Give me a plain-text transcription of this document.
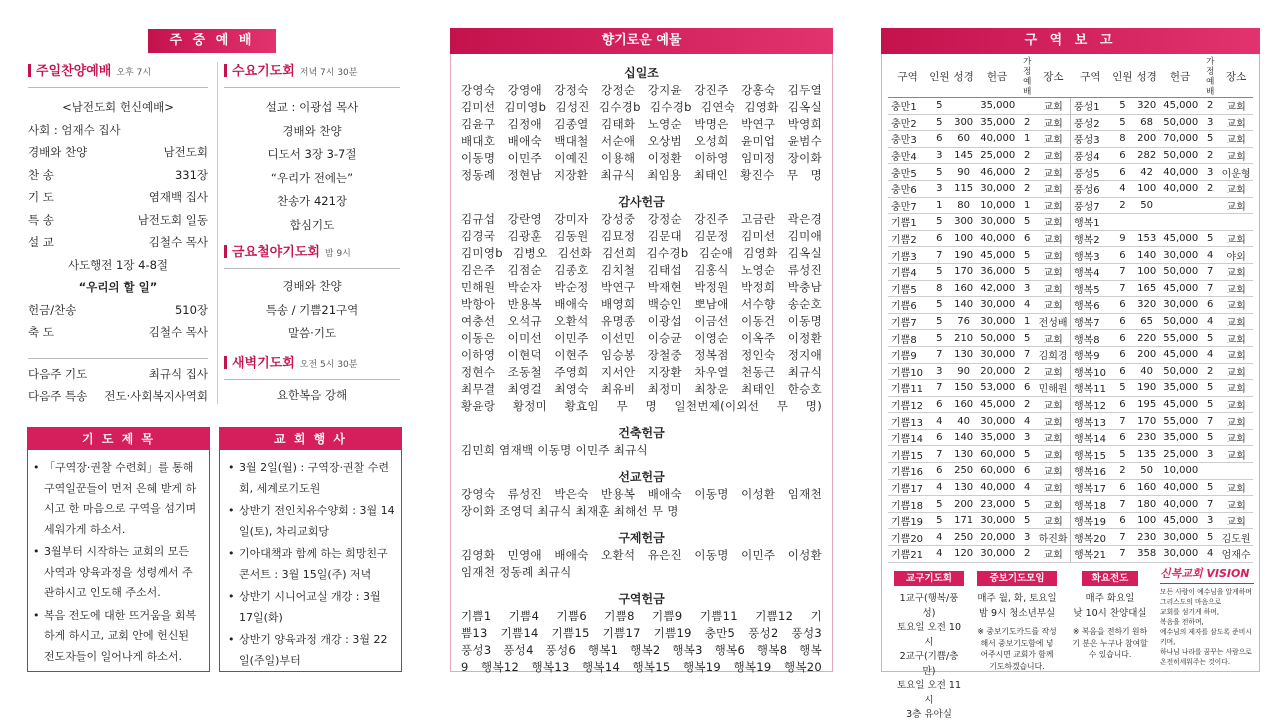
주 중 예 배
주일찬양예배 오후 7시
<남전도회 헌신예배>
사회 : 엄재수 집사
경배와 찬양	남전도회
찬 송	331장
기 도	염재백 집사
특 송	남전도회 일동
설 교	김철수 목사
사도행전 1장 4-8절
“우리의 할 일”
헌금/찬송	510장
축 도	김철수 목사
다음주 기도	최규식 집사
다음주 특송 전도·사회복지사역회
수요기도회 저녁 7시 30분
설교 : 이광섭 목사
경배와 찬양
디도서 3장 3-7절
“우리가 전에는”
찬송가 421장
합심기도
금요철야기도회 밤 9시
경배와 찬양
특송 / 기쁨21구역
말씀·기도
새벽기도회 오전 5시 30분
요한복음 강해
기 도 제 목
• 「구역장·권찰 수련회」를 통해 구역일꾼들이 먼저 은혜 받게 하시고 한 마음으로 구역을 섬기며 세워가게 하소서.
• 3월부터 시작하는 교회의 모든 사역과 양육과정을 성령께서 주관하시고 인도해 주소서.
• 복음 전도에 대한 뜨거움을 회복하게 하시고, 교회 안에 헌신된 전도자들이 일어나게 하소서.
교 회 행 사
• 3월 2일(월) : 구역장·권찰 수련회, 세계로기도원
• 상반기 전인치유수양회 : 3월 14일(토), 차리교회당
• 기아대책과 함께 하는 희망친구 콘서트 : 3월 15일(주) 저녁
• 상반기 시니어교실 개강 : 3월 17일(화)
• 상반기 양육과정 개강 : 3월 22일(주일)부터
향기로운 예물
십일조
강영숙 강영애 강정숙 강정순 강지윤 강진주 강홍숙 김두열
김미선 김미영b 김성진 김수경b 김수경b 김연숙 김영화 김옥실
김윤구 김정애 김종열 김태화 노영순 박명은 박연구 박영희
배대호 배애숙 백대철 서순애 오상범 오성희 윤미업 윤범수
이동명 이민주 이예진 이용해 이정환 이하영 임미정 장이화
정동례 정현남 지장환 최규식 최임용 최태인 황진수 무 명
감사헌금
김규섭 강란영 강미자 강성중 강정순 강진주 고금란 곽은경
김경국 김광훈 김동원 김묘정 김문대 김문정 김미선 김미애
김미영b 김병오 김선화 김선희 김수경b 김순애 김영화 김옥실
김은주 김점순 김종호 김치철 김태섭 김홍식 노영순 류성진
민해원 박순자 박순정 박연구 박재현 박정원 박정희 박충남
박항아 반용복 배애숙 배영희 백승인 뽀남애 서수향 송순호
여충선 오석규 오환석 유명종 이광섭 이금선 이동건 이동명
이동은 이미선 이민주 이선민 이승균 이영순 이옥주 이정환
이하영 이현덕 이현주 임승봉 장철중 정복점 정인숙 정지애
정현수 조동철 주영희 지서안 지장환 차우열 천동근 최규식
최무결 최영걸 최영숙 최유비 최정미 최창운 최태인 한승호
황윤랑 황정미 황효임 무 명 일천번제(이외선 무 명)
건축헌금
김민희 염재백 이동명 이민주 최규식
선교헌금
강영숙 류성진 박은숙 반용복 배애숙 이동명 이성환 임재천
장이화 조영덕 최규식 최재훈 최해선 무 명
구제헌금
김영화 민영애 배애숙 오환석 유은진 이동명 이민주 이성환
임재천 정동례 최규식
구역헌금
기쁨1 기쁨4 기쁨6 기쁨8 기쁨9 기쁨11 기쁨12 기
쁨13 기쁨14 기쁨15 기쁨17 기쁨19 충만5 풍성2 풍성3
풍성3 풍성4 풍성6 행복1 행복2 행복3 행복6 행복8 행복
9 행복12 행복13 행복14 행복15 행복19 행복19 행복20
구 역 보 고
구역	인원	성경	헌금	가정예배	장소	구역	인원	성경	헌금	가정예배	장소
충만1	5		35,000		교회	풍성1	5	320	45,000	2	교회
충만2	5	300	35,000	2	교회	풍성2	5	68	50,000	3	교회
충만3	6	60	40,000	1	교회	풍성3	8	200	70,000	5	교회
충만4	3	145	25,000	2	교회	풍성4	6	282	50,000	2	교회
충만5	5	90	46,000	2	교회	풍성5	6	42	40,000	3	이운형
충만6	3	115	30,000	2	교회	풍성6	4	100	40,000	2	교회
충만7	1	80	10,000	1	교회	풍성7	2	50			교회
기쁨1	5	300	30,000	5	교회	행복1					
기쁨2	6	100	40,000	6	교회	행복2	9	153	45,000	5	교회
기쁨3	7	190	45,000	5	교회	행복3	6	140	30,000	4	야외
기쁨4	5	170	36,000	5	교회	행복4	7	100	50,000	7	교회
기쁨5	8	160	42,000	3	교회	행복5	7	165	45,000	7	교회
기쁨6	5	140	30,000	4	교회	행복6	6	320	30,000	6	교회
기쁨7	5	76	30,000	1	전성배	행복7	6	65	50,000	4	교회
기쁨8	5	210	50,000	5	교회	행복8	6	220	55,000	5	교회
기쁨9	7	130	30,000	7	김희경	행복9	6	200	45,000	4	교회
기쁨10	3	90	20,000	2	교회	행복10	6	40	50,000	2	교회
기쁨11	7	150	53,000	6	민해원	행복11	5	190	35,000	5	교회
기쁨12	6	160	45,000	2	교회	행복12	6	195	45,000	5	교회
기쁨13	4	40	30,000	4	교회	행복13	7	170	55,000	7	교회
기쁨14	6	140	35,000	3	교회	행복14	6	230	35,000	5	교회
기쁨15	7	130	60,000	5	교회	행복15	5	135	25,000	3	교회
기쁨16	6	250	60,000	6	교회	행복16	2	50	10,000		
기쁨17	4	130	40,000	4	교회	행복17	6	160	40,000	5	교회
기쁨18	5	200	23,000	5	교회	행복18	7	180	40,000	7	교회
기쁨19	5	171	30,000	5	교회	행복19	6	100	45,000	3	교회
기쁨20	4	250	20,000	3	하진화	행복20	7	230	30,000	5	김도원
기쁨21	4	120	30,000	2	교회	행복21	7	358	30,000	4	엄재수
교구기도회
1교구(행복/풍성)
토요일 오전 10시
2교구(기쁨/충만)
토요일 오전 11시
3층 유아실
중보기도모임
매주 월, 화, 토요일
밤 9시 청소년부실
※ 중보기도카드를 작성해서 중보기도함에 넣어주시면 교회가 함께 기도하겠습니다.
화요전도
매주 화요일
낮 10시 찬양대실
※ 복음을 전하기 원하기 분은 누구나 참여할 수 있습니다.
신복교회 VISION
모든 사람이 예수님을 알게하며
그리스도의 마음으로
교회를 섬기게 하며,
복음을 전하며,
예수님의 제자를 삼도록 준비시키며,
하나님 나라를 꿈꾸는 사람으로
온전히세워주는 것이다.
